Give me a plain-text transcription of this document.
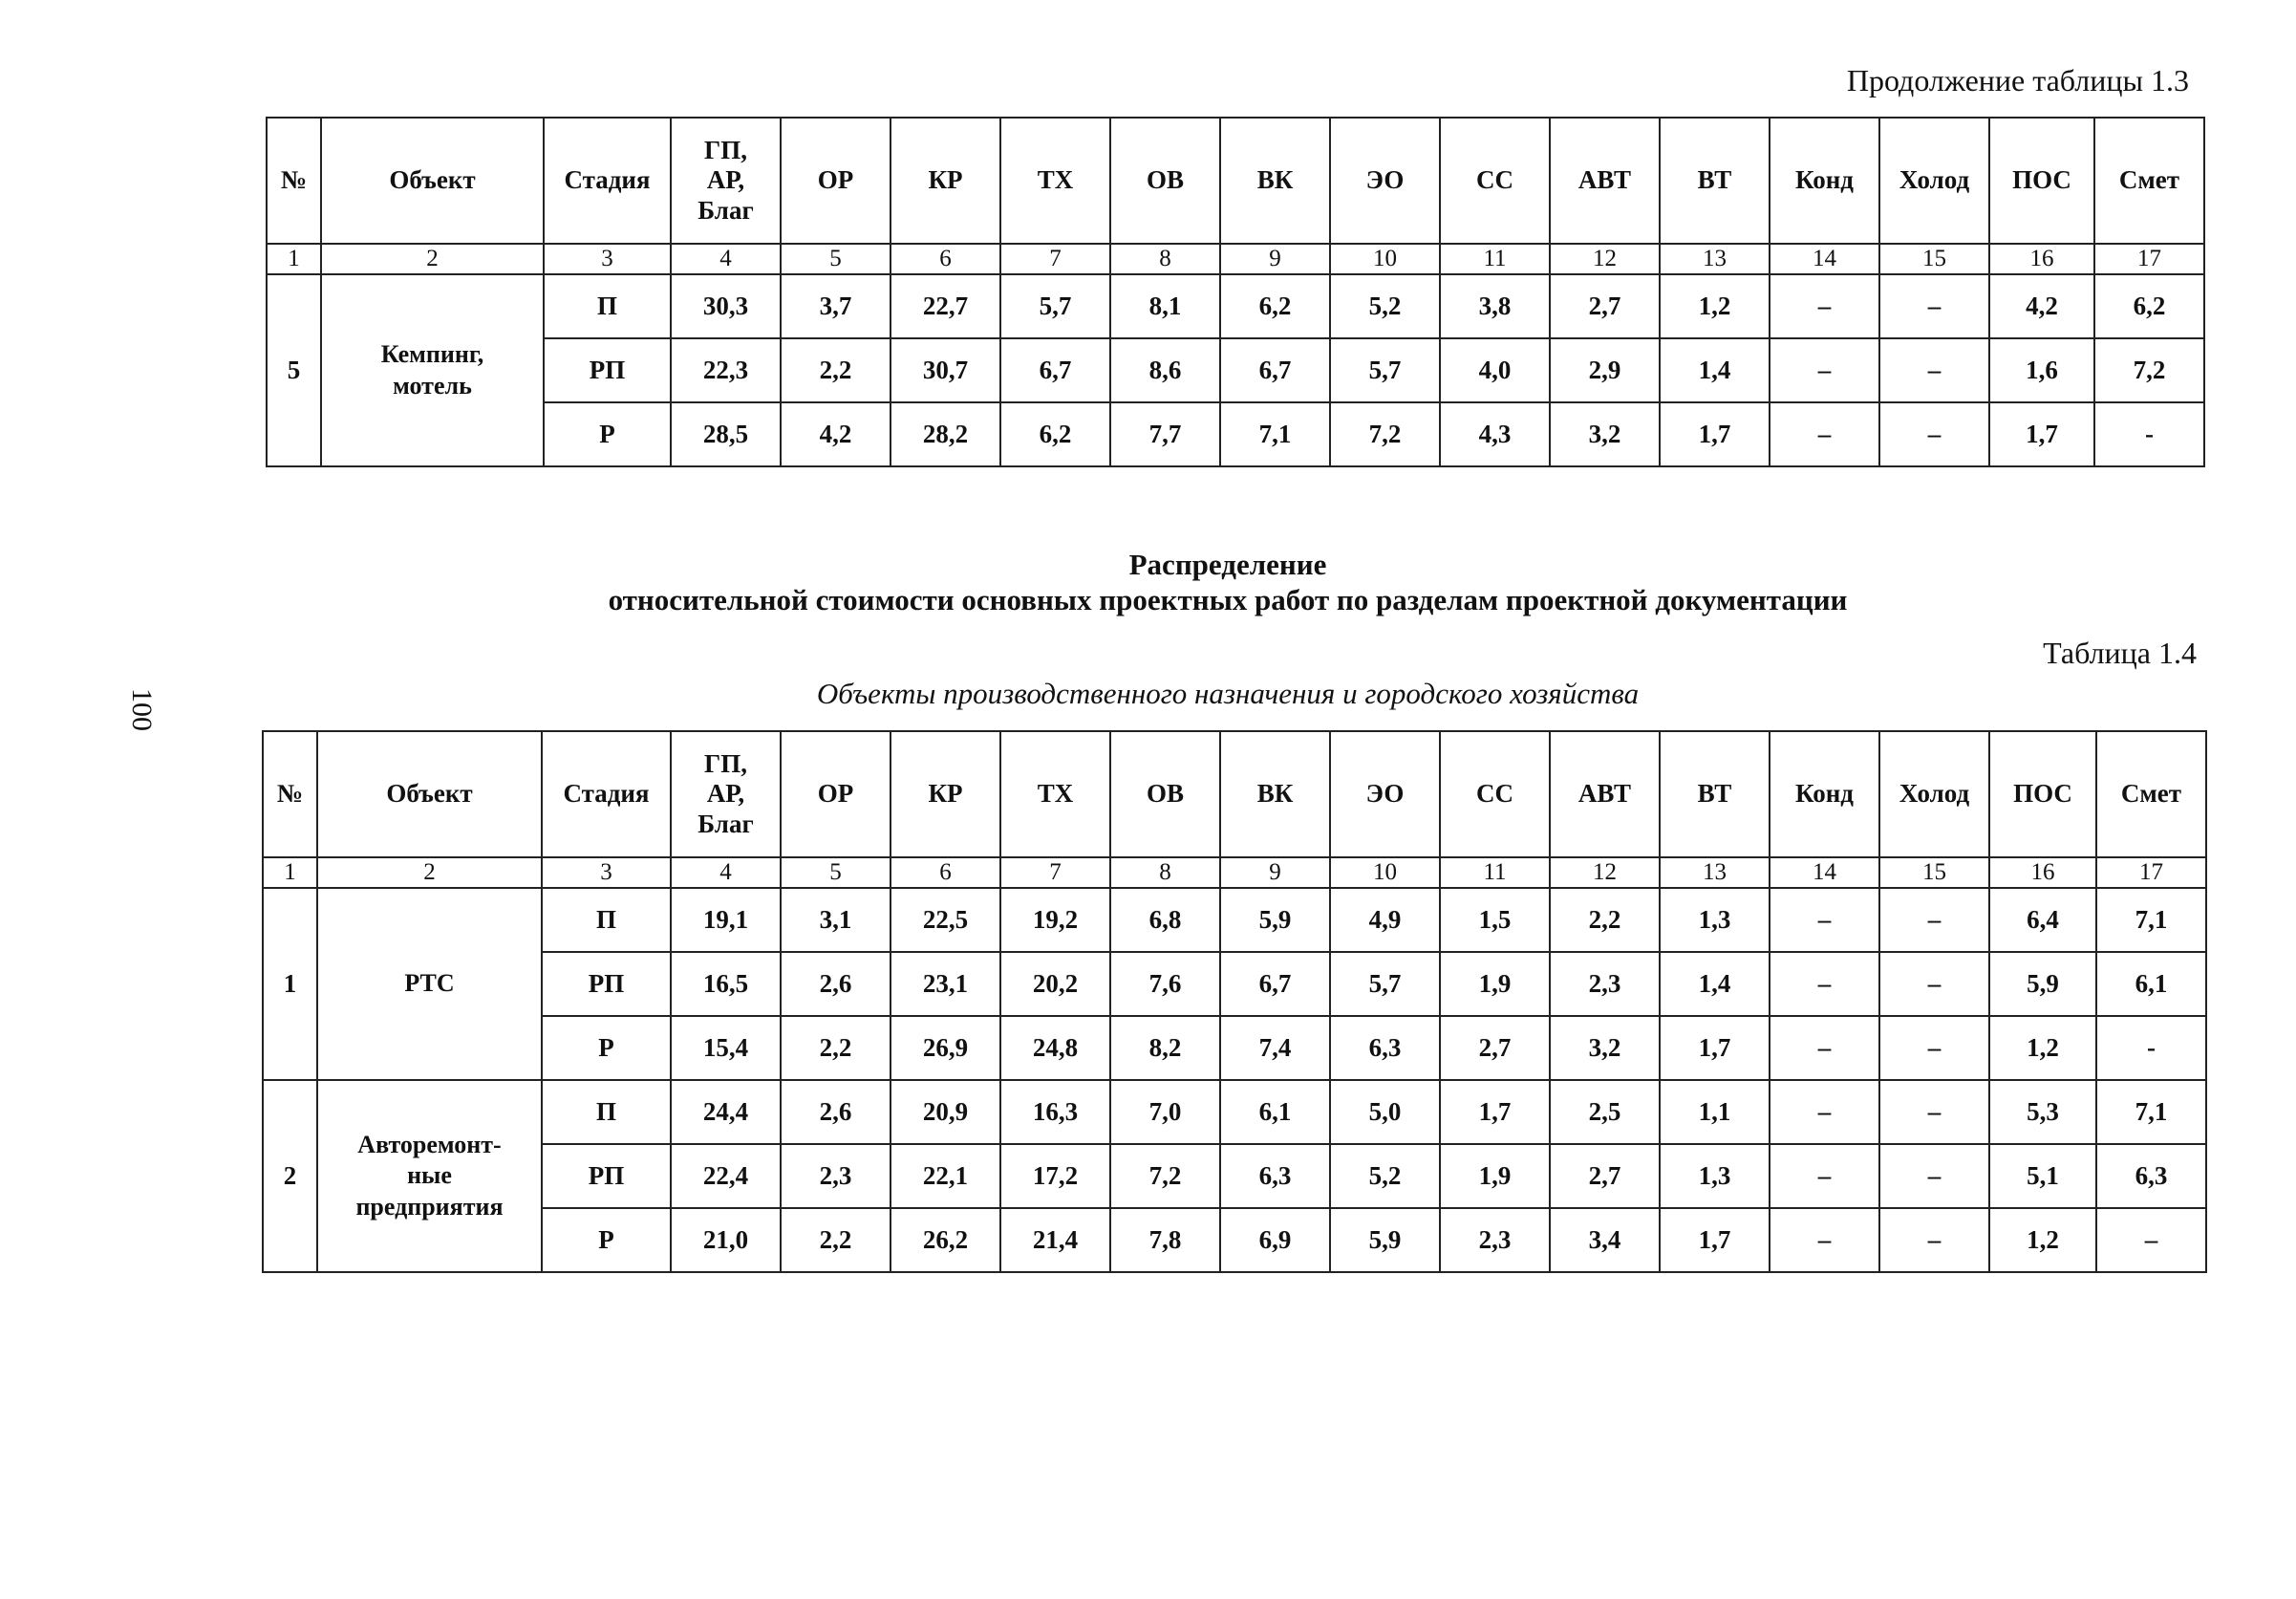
Продолжение таблицы 1.3
№	Объект	Стадия	ГП,
АР,
Благ	ОР	КР	ТХ	ОВ	ВК	ЭО	СС	АВТ	ВТ	Конд	Холод	ПОС	Смет
1	2	3	4	5	6	7	8	9	10	11	12	13	14	15	16	17
5	Кемпинг,
мотель	П	30,3	3,7	22,7	5,7	8,1	6,2	5,2	3,8	2,7	1,2	–	–	4,2	6,2
		РП	22,3	2,2	30,7	6,7	8,6	6,7	5,7	4,0	2,9	1,4	–	–	1,6	7,2
		Р	28,5	4,2	28,2	6,2	7,7	7,1	7,2	4,3	3,2	1,7	–	–	1,7	-
Распределение
относительной стоимости основных проектных работ по разделам проектной документации
Таблица 1.4
Объекты производственного назначения и городского хозяйства
100
№	Объект	Стадия	ГП,
АР,
Благ	ОР	КР	ТХ	ОВ	ВК	ЭО	СС	АВТ	ВТ	Конд	Холод	ПОС	Смет
1	2	3	4	5	6	7	8	9	10	11	12	13	14	15	16	17
1	РТС	П	19,1	3,1	22,5	19,2	6,8	5,9	4,9	1,5	2,2	1,3	–	–	6,4	7,1
		РП	16,5	2,6	23,1	20,2	7,6	6,7	5,7	1,9	2,3	1,4	–	–	5,9	6,1
		Р	15,4	2,2	26,9	24,8	8,2	7,4	6,3	2,7	3,2	1,7	–	–	1,2	-
2	Авторемонт-
ные
предприятия	П	24,4	2,6	20,9	16,3	7,0	6,1	5,0	1,7	2,5	1,1	–	–	5,3	7,1
		РП	22,4	2,3	22,1	17,2	7,2	6,3	5,2	1,9	2,7	1,3	–	–	5,1	6,3
		Р	21,0	2,2	26,2	21,4	7,8	6,9	5,9	2,3	3,4	1,7	–	–	1,2	–
